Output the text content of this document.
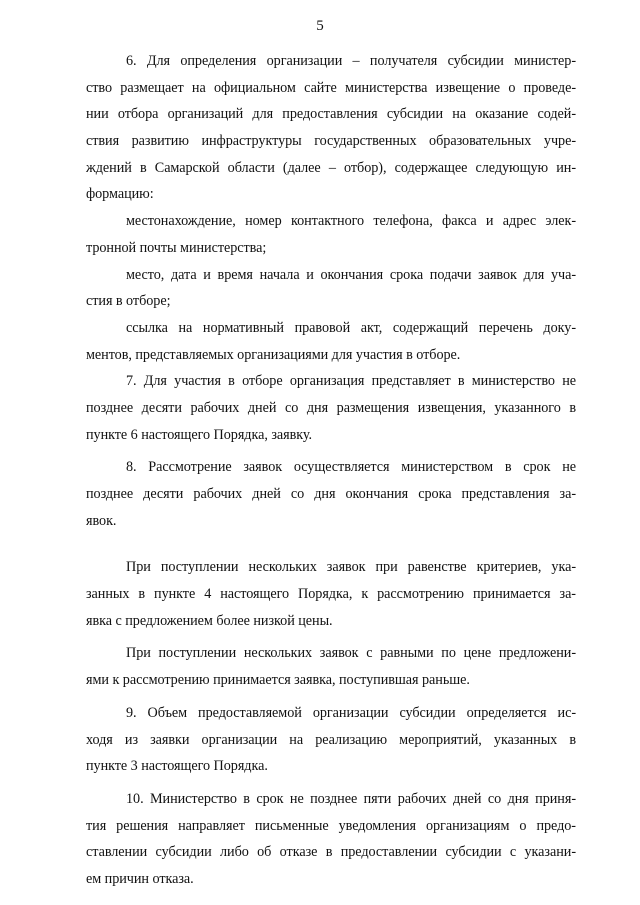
5
6. Для определения организации – получателя субсидии министер-
ство размещает на официальном сайте министерства извещение о проведе-
нии отбора организаций для предоставления субсидии на оказание содей-
ствия развитию инфраструктуры государственных образовательных учре-
ждений в Самарской области (далее – отбор), содержащее следующую ин-
формацию:
местонахождение, номер контактного телефона, факса и адрес элек-
тронной почты министерства;
место, дата и время начала и окончания срока подачи заявок для уча-
стия в отборе;
ссылка на нормативный правовой акт, содержащий перечень доку-
ментов, представляемых организациями для участия в отборе.
7. Для участия в отборе организация представляет в министерство не
позднее десяти рабочих дней со дня размещения извещения, указанного в
пункте 6 настоящего Порядка, заявку.
8. Рассмотрение заявок осуществляется министерством в срок не
позднее десяти рабочих дней со дня окончания срока представления за-
явок.
При поступлении нескольких заявок при равенстве критериев, ука-
занных в пункте 4 настоящего Порядка, к рассмотрению принимается за-
явка с предложением более низкой цены.
При поступлении нескольких заявок с равными по цене предложени-
ями к рассмотрению принимается заявка, поступившая раньше.
9. Объем предоставляемой организации субсидии определяется ис-
ходя из заявки организации на реализацию мероприятий, указанных в
пункте 3 настоящего Порядка.
10. Министерство в срок не позднее пяти рабочих дней со дня приня-
тия решения направляет письменные уведомления организациям о предо-
ставлении субсидии либо об отказе в предоставлении субсидии с указани-
ем причин отказа.
